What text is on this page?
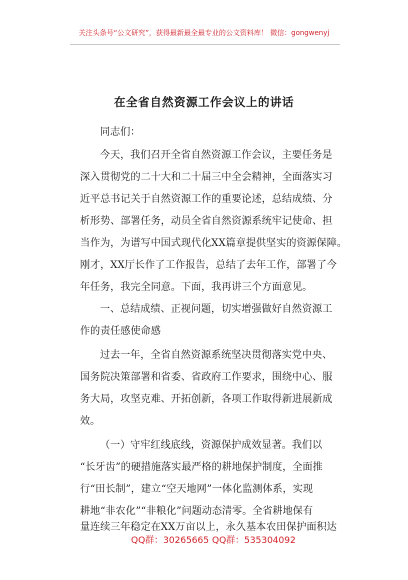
关注头条号“公文研究”，获得最新最全最专业的公文资料库！ 微信：gongwenyj
在全省自然资源工作会议上的讲话
同志们：
今天，我们召开全省自然资源工作会议，主要任务是
深入贯彻党的二十大和二十届三中全会精神，全面落实习
近平总书记关于自然资源工作的重要论述，总结成绩、分
析形势、部署任务，动员全省自然资源系统牢记使命、担
当作为，为谱写中国式现代化XX篇章提供坚实的资源保障。
刚才，XX厅长作了工作报告，总结了去年工作，部署了今
年任务，我完全同意。下面，我再讲三个方面意见。
一、总结成绩、正视问题，切实增强做好自然资源工
作的责任感使命感
过去一年，全省自然资源系统坚决贯彻落实党中央、
国务院决策部署和省委、省政府工作要求，围绕中心、服
务大局，攻坚克难、开拓创新，各项工作取得新进展新成
效。
（一）守牢红线底线，资源保护成效显著。我们以
“长牙齿”的硬措施落实最严格的耕地保护制度，全面推
行“田长制”，建立“空天地网”一体化监测体系，实现
耕地“非农化”“非粮化”问题动态清零。全省耕地保有
量连续三年稳定在XX万亩以上，永久基本农田保护面积达
QQ群：30265665 QQ群：535304092
